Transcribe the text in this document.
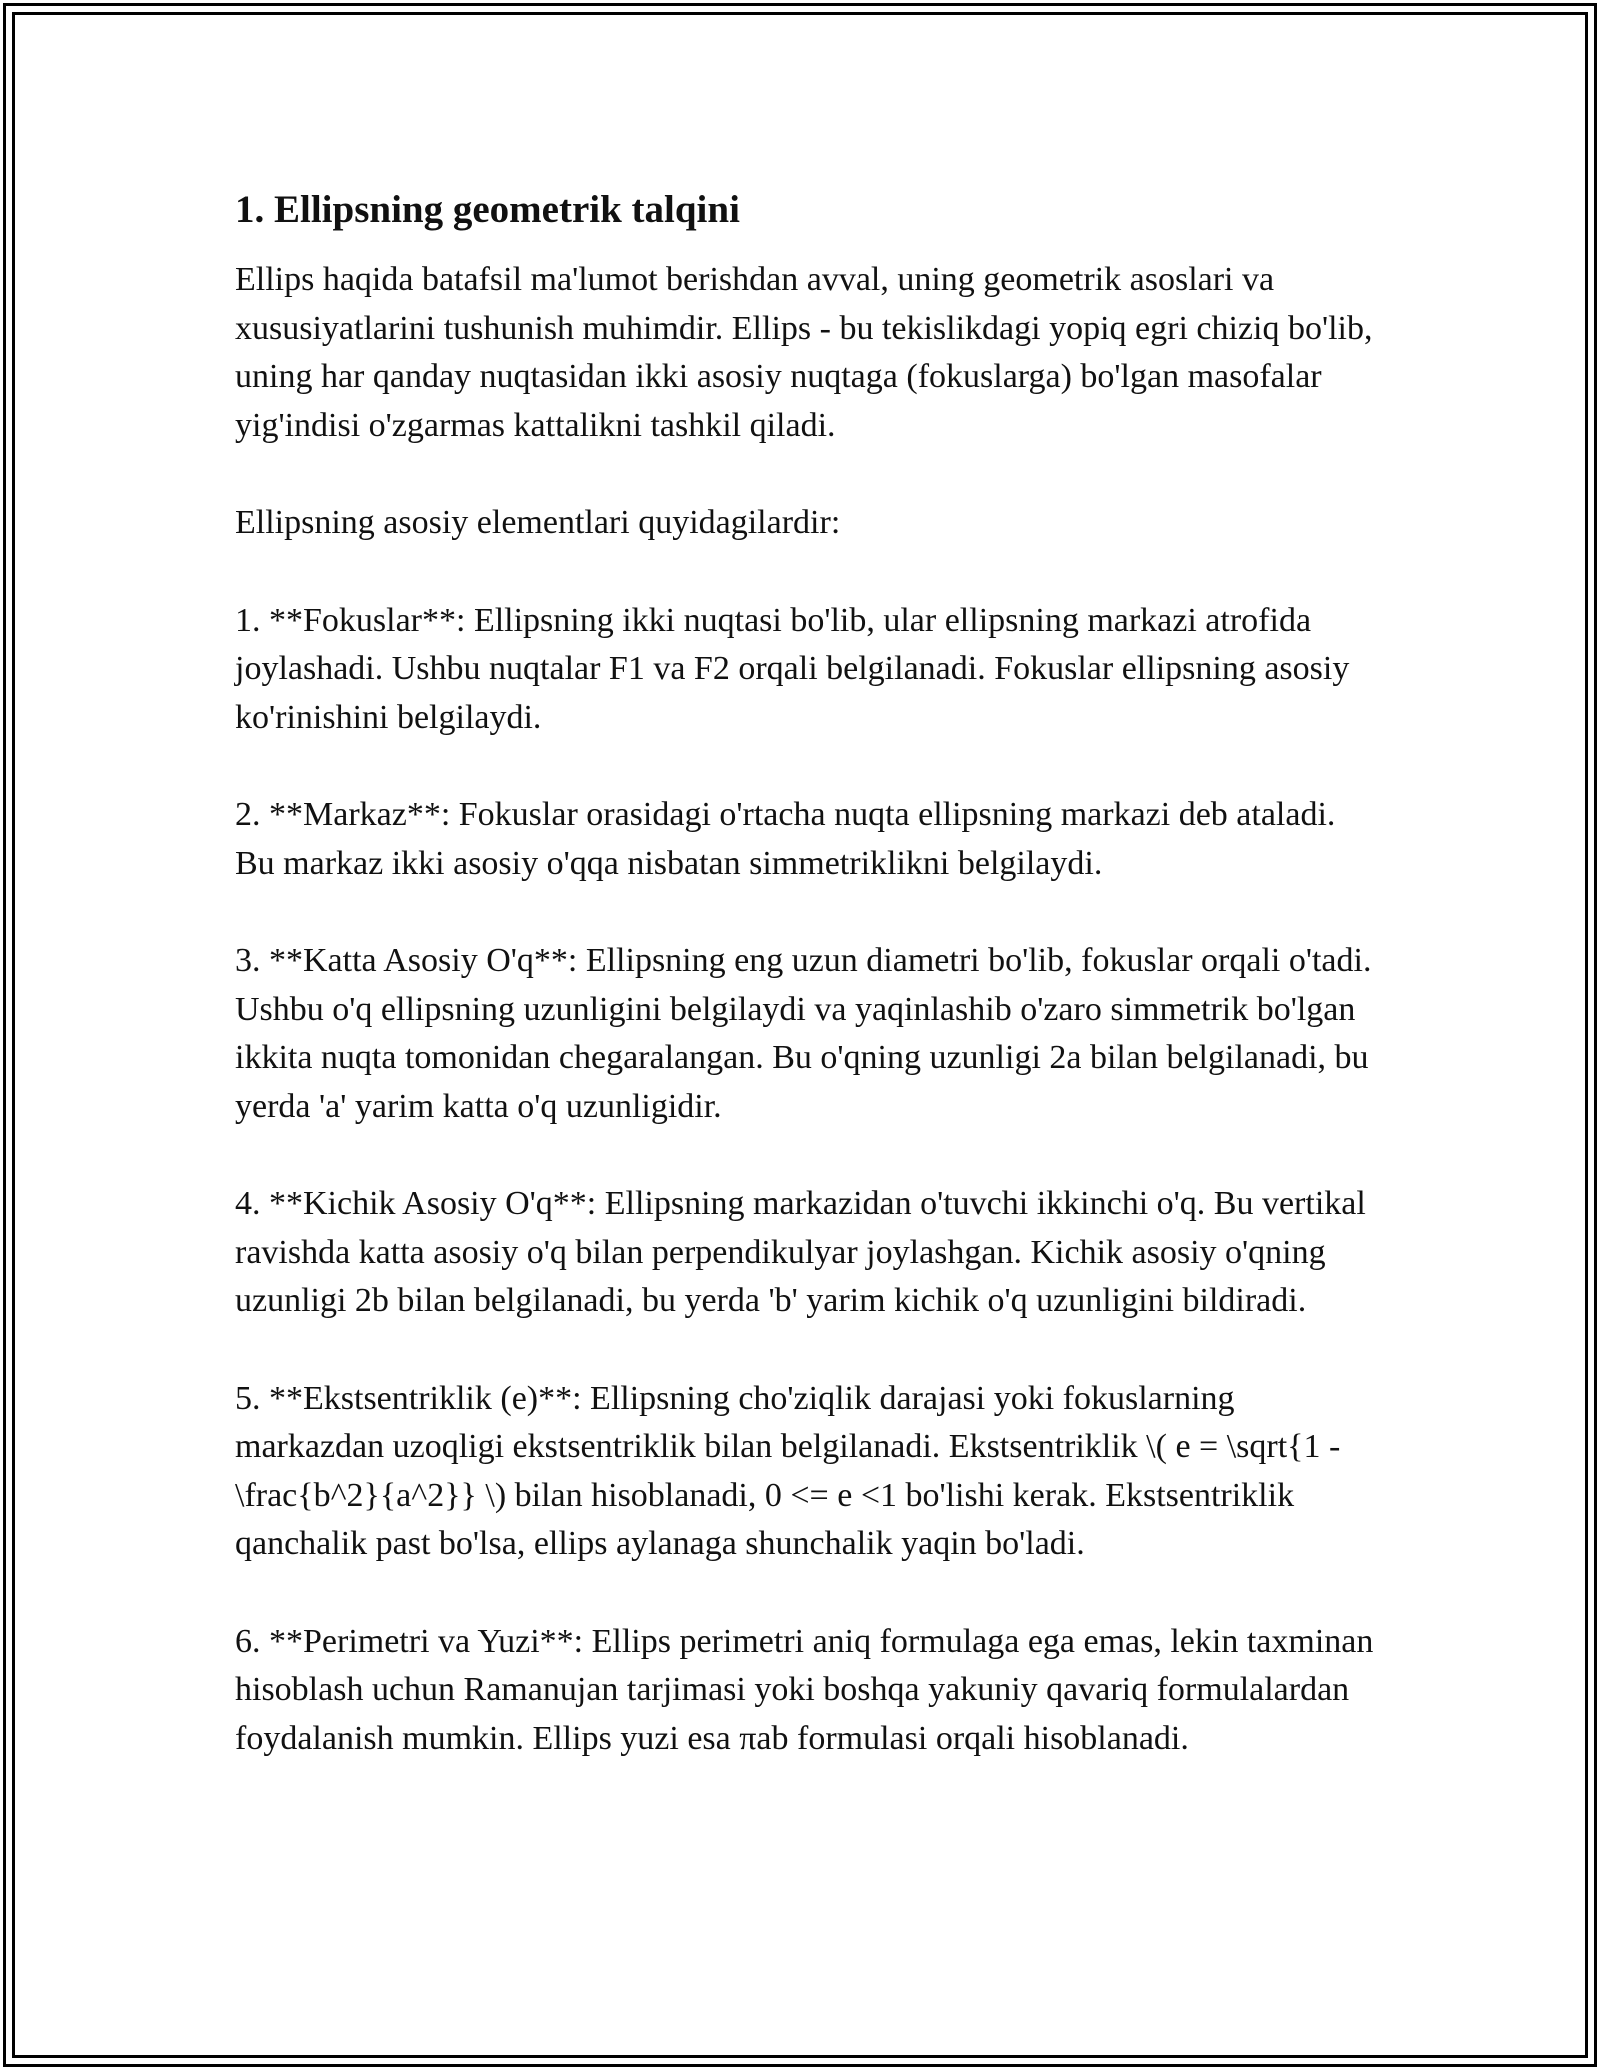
1. Ellipsning geometrik talqini

Ellips haqida batafsil ma'lumot berishdan avval, uning geometrik asoslari va xususiyatlarini tushunish muhimdir. Ellips - bu tekislikdagi yopiq egri chiziq bo'lib, uning har qanday nuqtasidan ikki asosiy nuqtaga (fokuslarga) bo'lgan masofalar yig'indisi o'zgarmas kattalikni tashkil qiladi.

Ellipsning asosiy elementlari quyidagilardir:

1. **Fokuslar**: Ellipsning ikki nuqtasi bo'lib, ular ellipsning markazi atrofida joylashadi. Ushbu nuqtalar F1 va F2 orqali belgilanadi. Fokuslar ellipsning asosiy ko'rinishini belgilaydi.

2. **Markaz**: Fokuslar orasidagi o'rtacha nuqta ellipsning markazi deb ataladi. Bu markaz ikki asosiy o'qqa nisbatan simmetriklikni belgilaydi.

3. **Katta Asosiy O'q**: Ellipsning eng uzun diametri bo'lib, fokuslar orqali o'tadi. Ushbu o'q ellipsning uzunligini belgilaydi va yaqinlashib o'zaro simmetrik bo'lgan ikkita nuqta tomonidan chegaralangan. Bu o'qning uzunligi 2a bilan belgilanadi, bu yerda 'a' yarim katta o'q uzunligidir.

4. **Kichik Asosiy O'q**: Ellipsning markazidan o'tuvchi ikkinchi o'q. Bu vertikal ravishda katta asosiy o'q bilan perpendikulyar joylashgan. Kichik asosiy o'qning uzunligi 2b bilan belgilanadi, bu yerda 'b' yarim kichik o'q uzunligini bildiradi.

5. **Ekstsentriklik (e)**: Ellipsning cho'ziqlik darajasi yoki fokuslarning markazdan uzoqligi ekstsentriklik bilan belgilanadi. Ekstsentriklik \( e = \sqrt{1 - \frac{b^2}{a^2}} \) bilan hisoblanadi, 0 <= e <1 bo'lishi kerak. Ekstsentriklik qanchalik past bo'lsa, ellips aylanaga shunchalik yaqin bo'ladi.

6. **Perimetri va Yuzi**: Ellips perimetri aniq formulaga ega emas, lekin taxminan hisoblash uchun Ramanujan tarjimasi yoki boshqa yakuniy qavariq formulalardan foydalanish mumkin. Ellips yuzi esa πab formulasi orqali hisoblanadi.
